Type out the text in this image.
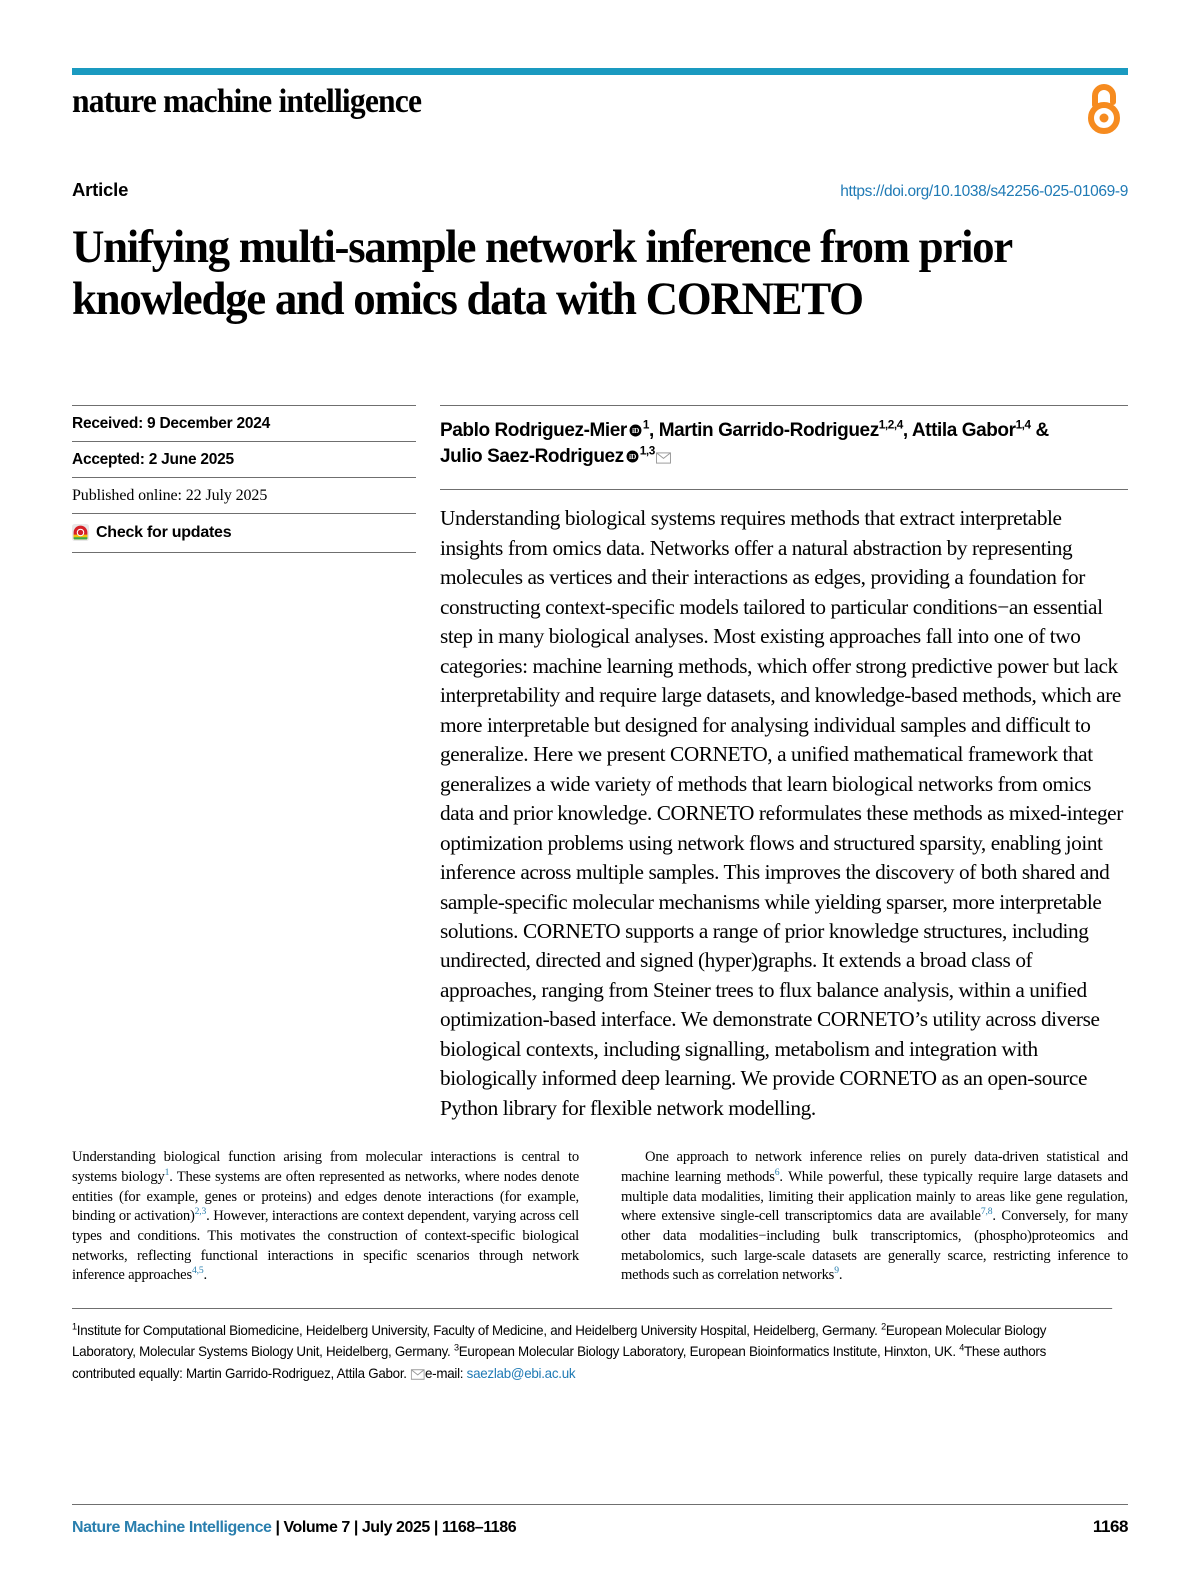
nature machine intelligence
Article	https://doi.org/10.1038/s42256-025-01069-9
Unifying multi-sample network inference from prior knowledge and omics data with CORNETO
Received: 9 December 2024
Accepted: 2 June 2025
Published online: 22 July 2025
Check for updates
Pablo Rodriguez-Mier iD $^1$, Martin Garrido-Rodriguez$^{1,2,4}$, Attila Gabor$^{1,4}$ &
Julio Saez-Rodriguez iD $^{1,3}$
Understanding biological systems requires methods that extract interpretable insights from omics data. Networks offer a natural abstraction by representing molecules as vertices and their interactions as edges, providing a foundation for constructing context-specific models tailored to particular conditions−an essential step in many biological analyses. Most existing approaches fall into one of two categories: machine learning methods, which offer strong predictive power but lack interpretability and require large datasets, and knowledge-based methods, which are more interpretable but designed for analysing individual samples and difficult to generalize. Here we present CORNETO, a unified mathematical framework that generalizes a wide variety of methods that learn biological networks from omics data and prior knowledge. CORNETO reformulates these methods as mixed-integer optimization problems using network flows and structured sparsity, enabling joint inference across multiple samples. This improves the discovery of both shared and sample-specific molecular mechanisms while yielding sparser, more interpretable solutions. CORNETO supports a range of prior knowledge structures, including undirected, directed and signed (hyper)graphs. It extends a broad class of approaches, ranging from Steiner trees to flux balance analysis, within a unified optimization-based interface. We demonstrate CORNETO’s utility across diverse biological contexts, including signalling, metabolism and integration with biologically informed deep learning. We provide CORNETO as an open-source Python library for flexible network modelling.

Understanding biological function arising from molecular interactions is central to systems biology$^1$. These systems are often represented as networks, where nodes denote entities (for example, genes or proteins) and edges denote interactions (for example, binding or activation)$^{2,3}$. However, interactions are context dependent, varying across cell types and conditions. This motivates the construction of context-specific biological networks, reflecting functional interactions in specific scenarios through network inference approaches$^{4,5}$.

One approach to network inference relies on purely data-driven statistical and machine learning methods$^6$. While powerful, these typically require large datasets and multiple data modalities, limiting their application mainly to areas like gene regulation, where extensive single-cell transcriptomics data are available$^{7,8}$. Conversely, for many other data modalities−including bulk transcriptomics, (phospho)proteomics and metabolomics, such large-scale datasets are generally scarce, restricting inference to methods such as correlation networks$^9$.

$^1$Institute for Computational Biomedicine, Heidelberg University, Faculty of Medicine, and Heidelberg University Hospital, Heidelberg, Germany. $^2$European Molecular Biology Laboratory, Molecular Systems Biology Unit, Heidelberg, Germany. $^3$European Molecular Biology Laboratory, European Bioinformatics Institute, Hinxton, UK. $^4$These authors contributed equally: Martin Garrido-Rodriguez, Attila Gabor. e-mail: saezlab@ebi.ac.uk
Nature Machine Intelligence | Volume 7 | July 2025 | 1168–1186	1168
